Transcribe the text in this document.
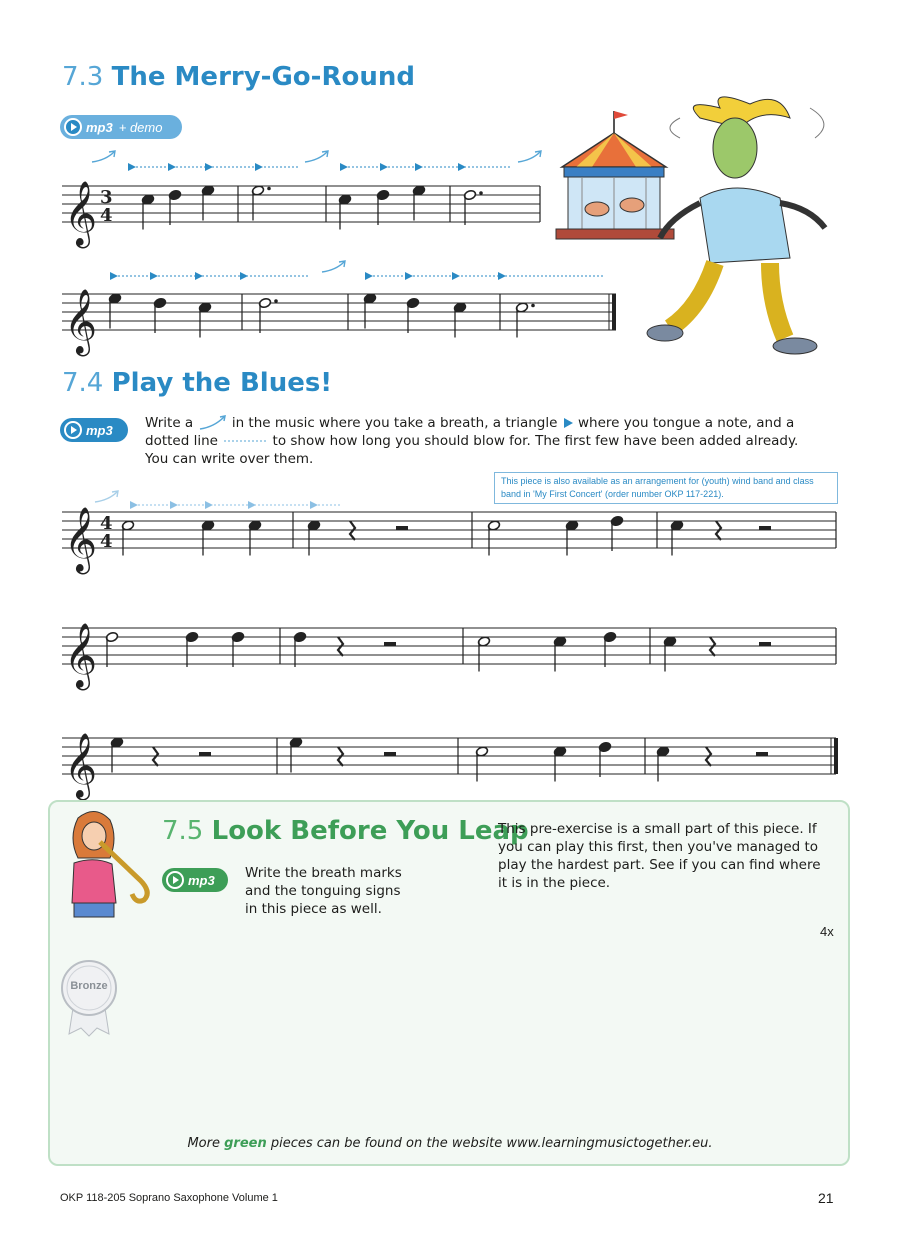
7.3 The Merry-Go-Round
mp3 + demo
𝄞 3
4
𝄞
𝄞 4
4
𝄞
𝄞
7.4 Play the Blues!
mp3 Write a	in the music where you take a breath, a triangle where you tongue a note, and a
dotted line	to show how long you should blow for. The first few have been added already.
You can write over them.
This piece is also available as an arrangement for (youth) wind band and class band in 'My First Concert' (order number OKP 117-221).
7.5 Look Before You Leap
mp3 Write the breath marks and the tonguing signs in this piece as well.
This pre-exercise is a small part of this piece. If you can play this first, then you've managed to play the hardest part. See if you can find where it is in the piece.
4x
Bronze
More green pieces can be found on the website www.learningmusictogether.eu.
OKP 118-205 Soprano Saxophone Volume 1	21
